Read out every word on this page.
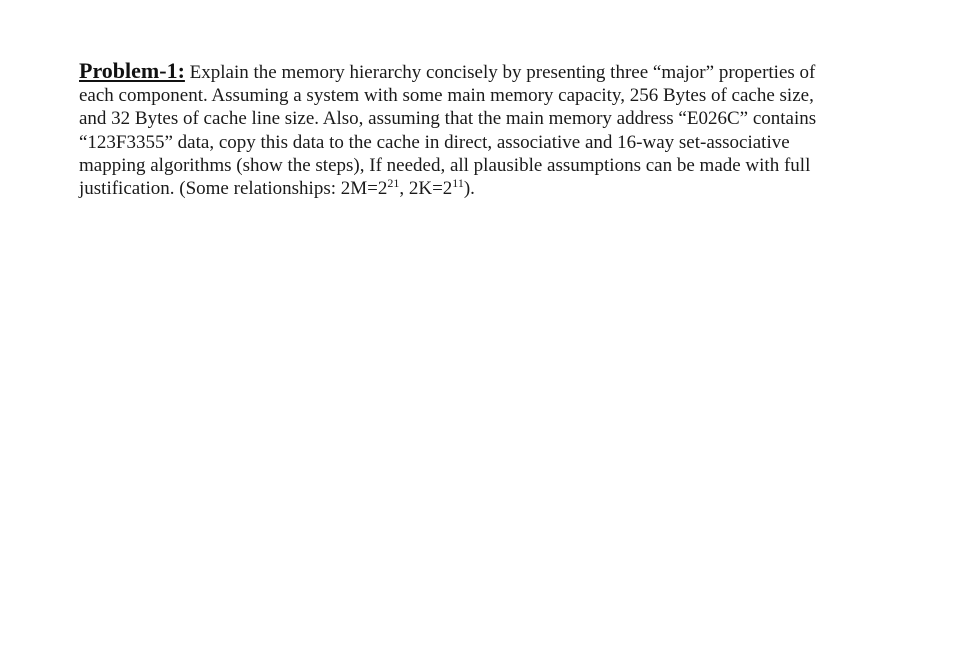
Problem-1: Explain the memory hierarchy concisely by presenting three “major” properties of
each component. Assuming a system with some main memory capacity, 256 Bytes of cache size,
and 32 Bytes of cache line size. Also, assuming that the main memory address “E026C” contains
“123F3355” data, copy this data to the cache in direct, associative and 16-way set-associative
mapping algorithms (show the steps), If needed, all plausible assumptions can be made with full
justification. (Some relationships: $2M=2^{21}$, $2K=2^{11}$).
